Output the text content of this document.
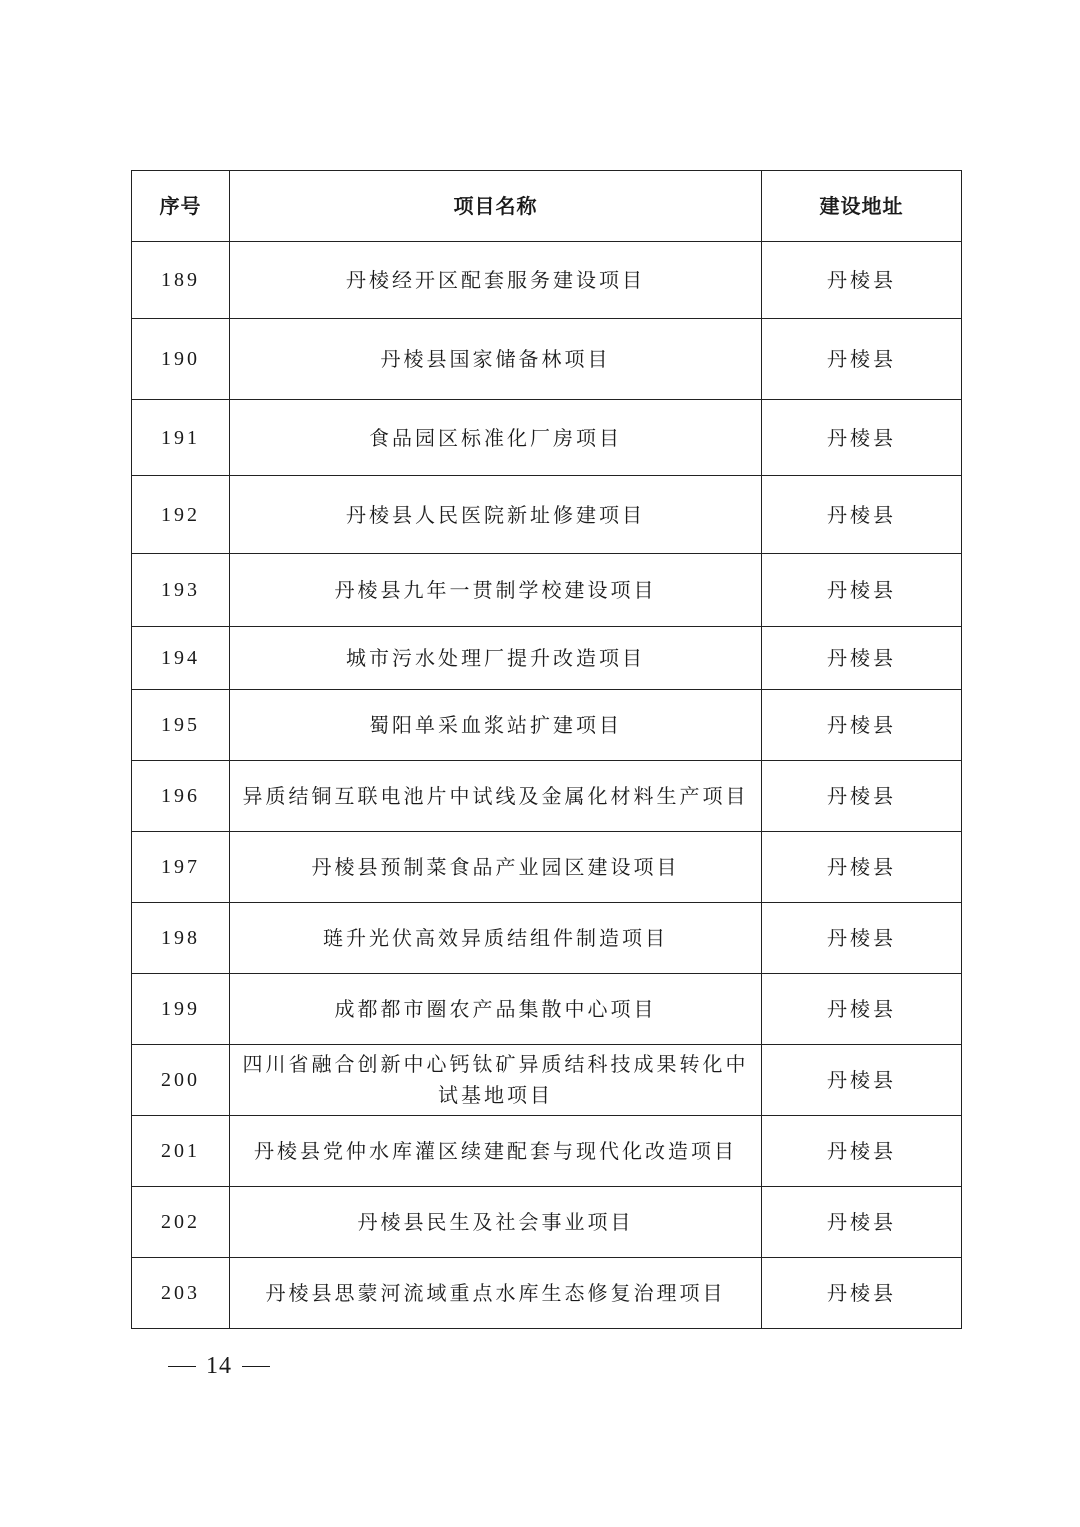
序号	项目名称	建设地址
189	丹棱经开区配套服务建设项目	丹棱县
190	丹棱县国家储备林项目	丹棱县
191	食品园区标准化厂房项目	丹棱县
192	丹棱县人民医院新址修建项目	丹棱县
193	丹棱县九年一贯制学校建设项目	丹棱县
194	城市污水处理厂提升改造项目	丹棱县
195	蜀阳单采血浆站扩建项目	丹棱县
196	异质结铜互联电池片中试线及金属化材料生产项目	丹棱县
197	丹棱县预制菜食品产业园区建设项目	丹棱县
198	琏升光伏高效异质结组件制造项目	丹棱县
199	成都都市圈农产品集散中心项目	丹棱县
200	四川省融合创新中心钙钛矿异质结科技成果转化中试基地项目	丹棱县
201	丹棱县党仲水库灌区续建配套与现代化改造项目	丹棱县
202	丹棱县民生及社会事业项目	丹棱县
203	丹棱县思蒙河流域重点水库生态修复治理项目	丹棱县
14
